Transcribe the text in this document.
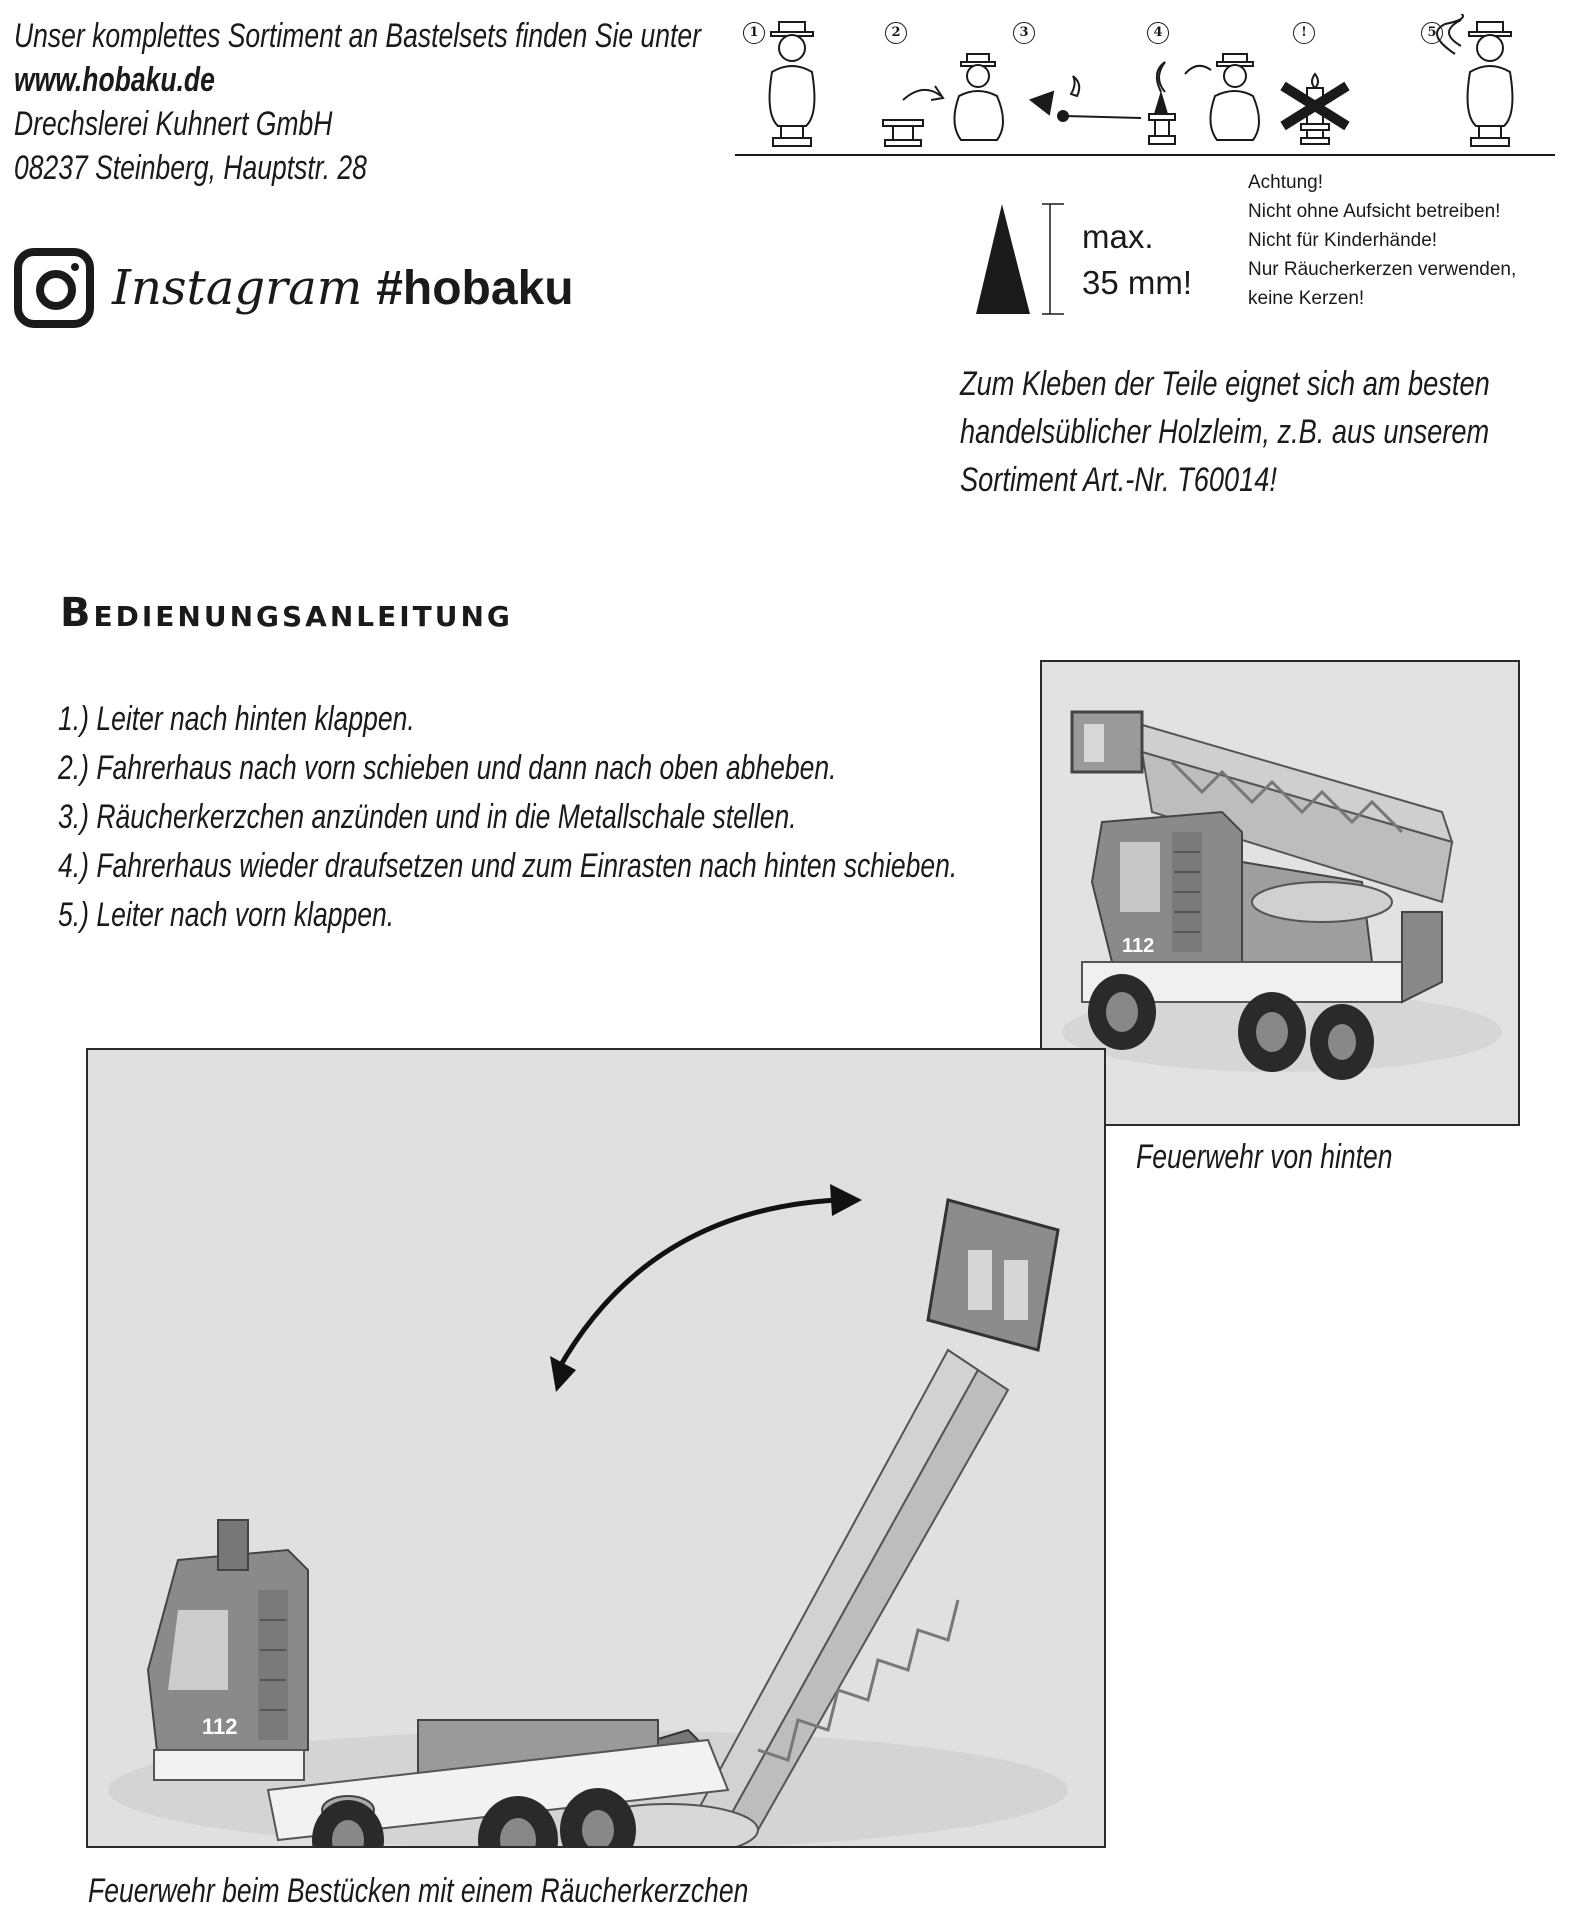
Unser komplettes Sortiment an Bastelsets finden Sie unter
www.hobaku.de
Drechslerei Kuhnert GmbH
08237 Steinberg, Hauptstr. 28
Instagram #hobaku
1	2	3	4	!	5
max.
35 mm!
Achtung!
Nicht ohne Aufsicht betreiben!
Nicht für Kinderhände!
Nur Räucherkerzen verwenden,
keine Kerzen!
Zum Kleben der Teile eignet sich am besten
handelsüblicher Holzleim, z.B. aus unserem
Sortiment Art.-Nr. T60014!
Bedienungsanleitung
1.) Leiter nach hinten klappen.
2.) Fahrerhaus nach vorn schieben und dann nach oben abheben.
3.) Räucherkerzchen anzünden und in die Metallschale stellen.
4.) Fahrerhaus wieder draufsetzen und zum Einrasten nach hinten schieben.
5.) Leiter nach vorn klappen.
112
Feuerwehr von hinten
112
Feuerwehr beim Bestücken mit einem Räucherkerzchen
